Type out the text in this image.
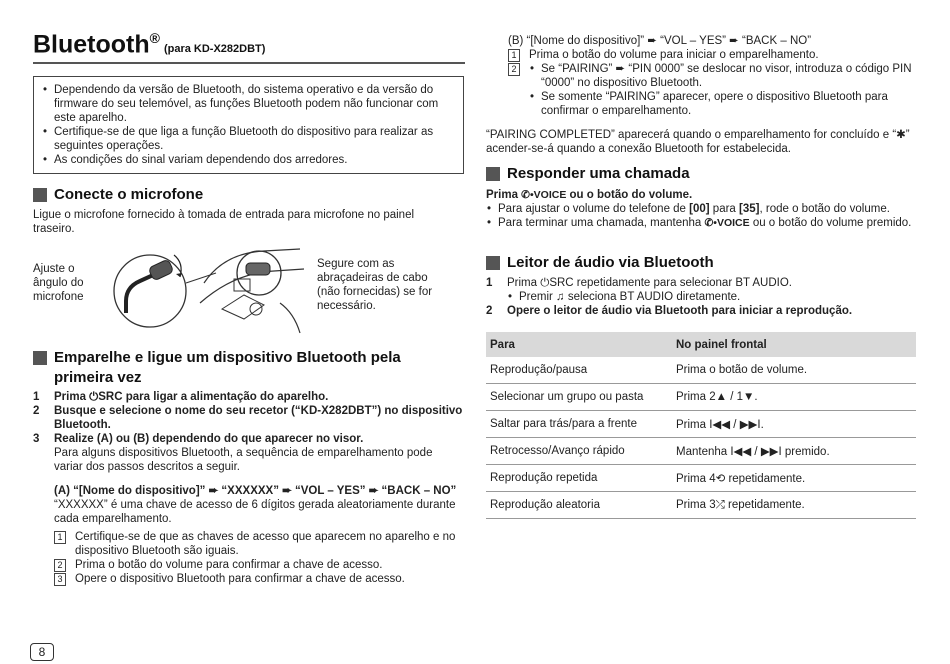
Bluetooth®(para KD-X282DBT)
• Dependendo da versão de Bluetooth, do sistema operativo e da versão do firmware do seu telemóvel, as funções Bluetooth podem não funcionar com este aparelho.
• Certifique-se de que liga a função Bluetooth do dispositivo para realizar as seguintes operações.
• As condições do sinal variam dependendo dos arredores.
Conecte o microfone
Ligue o microfone fornecido à tomada de entrada para microfone no painel traseiro.
Ajuste o ângulo do microfone
Segure com as abraçadeiras de cabo (não fornecidas) se for necessário.
Emparelhe e ligue um dispositivo Bluetooth pela primeira vez
1	Prima ⏻SRC para ligar a alimentação do aparelho.
2	Busque e selecione o nome do seu recetor (“KD-X282DBT”) no dispositivo Bluetooth.
3	Realize (A) ou (B) dependendo do que aparecer no visor.
Para alguns dispositivos Bluetooth, a sequência de emparelhamento pode variar dos passos descritos a seguir.
(A) “[Nome do dispositivo]” ➨ “XXXXXX” ➨ “VOL – YES” ➨ “BACK – NO”
“XXXXXX” é uma chave de acesso de 6 dígitos gerada aleatoriamente durante cada emparelhamento.
1	Certifique-se de que as chaves de acesso que aparecem no aparelho e no dispositivo Bluetooth são iguais.
2	Prima o botão do volume para confirmar a chave de acesso.
3	Opere o dispositivo Bluetooth para confirmar a chave de acesso.
(B) “[Nome do dispositivo]” ➨ “VOL – YES” ➨ “BACK – NO”
1	Prima o botão do volume para iniciar o emparelhamento.
2	• Se “PAIRING” ➨ “PIN 0000” se deslocar no visor, introduza o código PIN “0000” no dispositivo Bluetooth.
• Se somente “PAIRING” aparecer, opere o dispositivo Bluetooth para confirmar o emparelhamento.
“PAIRING COMPLETED” aparecerá quando o emparelhamento for concluído e “✱” acender-se-á quando a conexão Bluetooth for estabelecida.
Responder uma chamada
Prima ✆•VOICE ou o botão do volume.
• Para ajustar o volume do telefone de [00] para [35], rode o botão do volume.
• Para terminar uma chamada, mantenha ✆•VOICE ou o botão do volume premido.
Leitor de áudio via Bluetooth
1	Prima ⏻SRC repetidamente para selecionar BT AUDIO.
• Premir ♫ seleciona BT AUDIO diretamente.
2	Opere o leitor de áudio via Bluetooth para iniciar a reprodução.
Para	No painel frontal
Reprodução/pausa	Prima o botão de volume.
Selecionar um grupo ou pasta	Prima 2▲ / 1▼.
Saltar para trás/para a frente	Prima I◀◀ / ▶▶I.
Retrocesso/Avanço rápido	Mantenha I◀◀ / ▶▶I premido.
Reprodução repetida	Prima 4⟲ repetidamente.
Reprodução aleatoria	Prima 3⤮ repetidamente.
8
